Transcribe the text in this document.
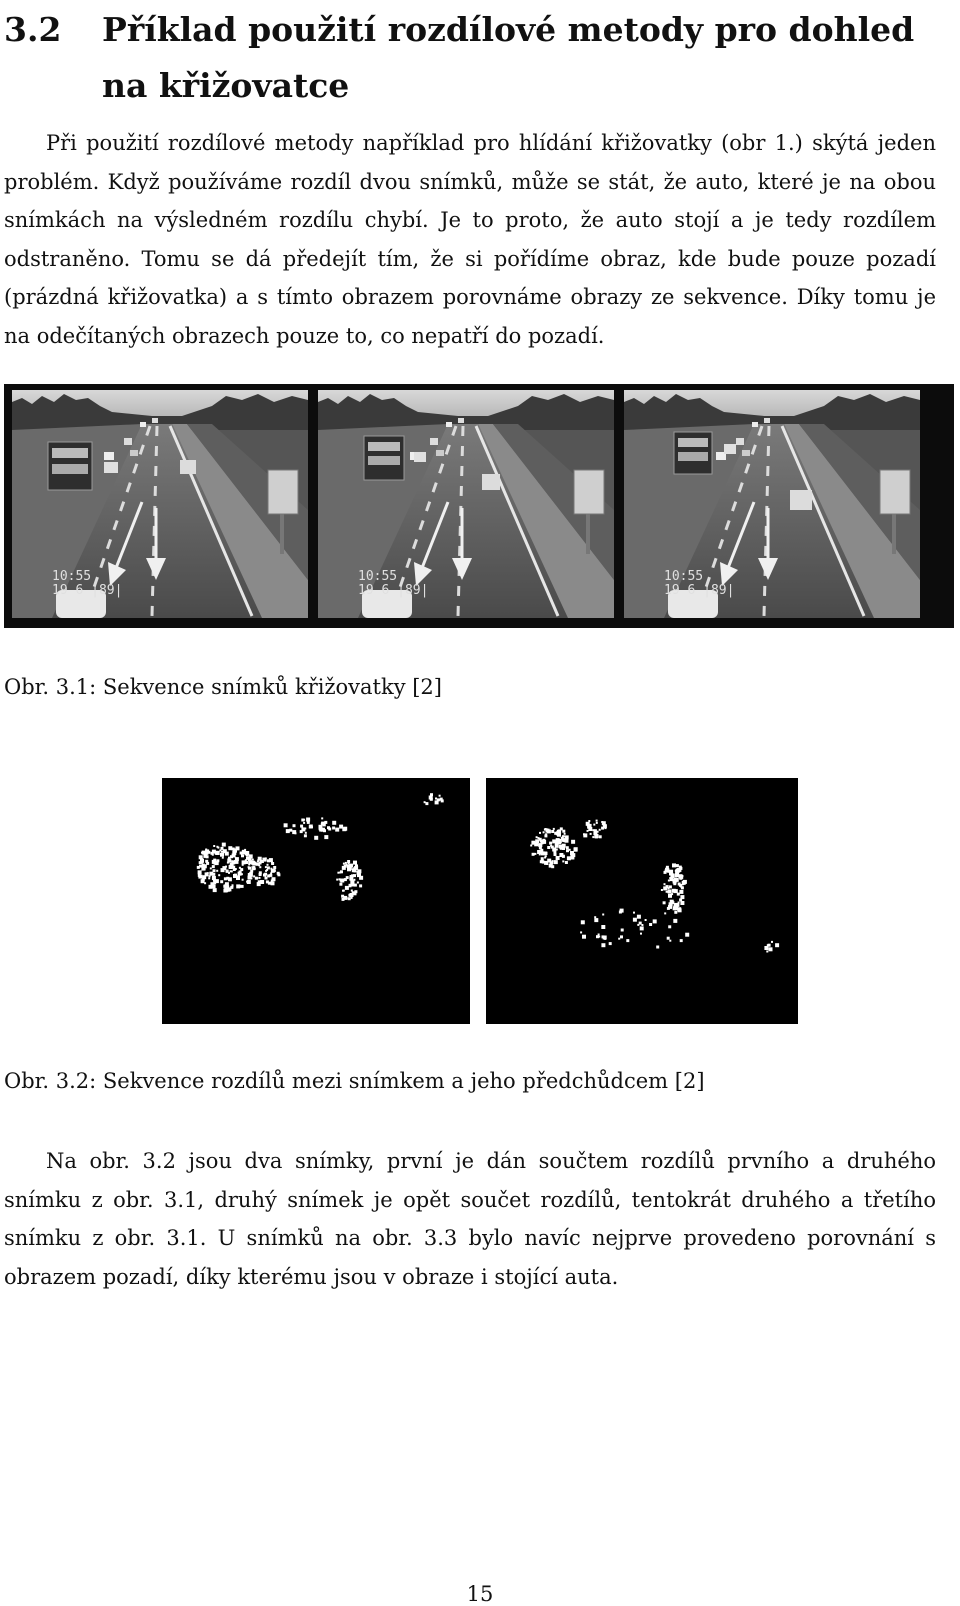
3.2 Příklad použití rozdílové metody pro dohled na křižovatce

Při použití rozdílové metody například pro hlídání křižovatky (obr 1.) skýtá jeden problém. Když používáme rozdíl dvou snímků, může se stát, že auto, které je na obou snímkách na výsledném rozdílu chybí. Je to proto, že auto stojí a je tedy rozdílem odstraněno. Tomu se dá předejít tím, že si pořídíme obraz, kde bude pouze pozadí (prázdná křižovatka) a s tímto obrazem porovnáme obrazy ze sekvence. Díky tomu je na odečítaných obrazech pouze to, co nepatří do pozadí.

10:55
19 6 |89|
10:55
19 6 |89|
10:55
19 6 |89|
Obr. 3.1: Sekvence snímků křižovatky [2]
Obr. 3.2: Sekvence rozdílů mezi snímkem a jeho předchůdcem [2]

Na obr. 3.2 jsou dva snímky, první je dán součtem rozdílů prvního a druhého snímku z obr. 3.1, druhý snímek je opět součet rozdílů, tentokrát druhého a třetího snímku z obr. 3.1. U snímků na obr. 3.3 bylo navíc nejprve provedeno porovnání s obrazem pozadí, díky kterému jsou v obraze i stojící auta.

15
